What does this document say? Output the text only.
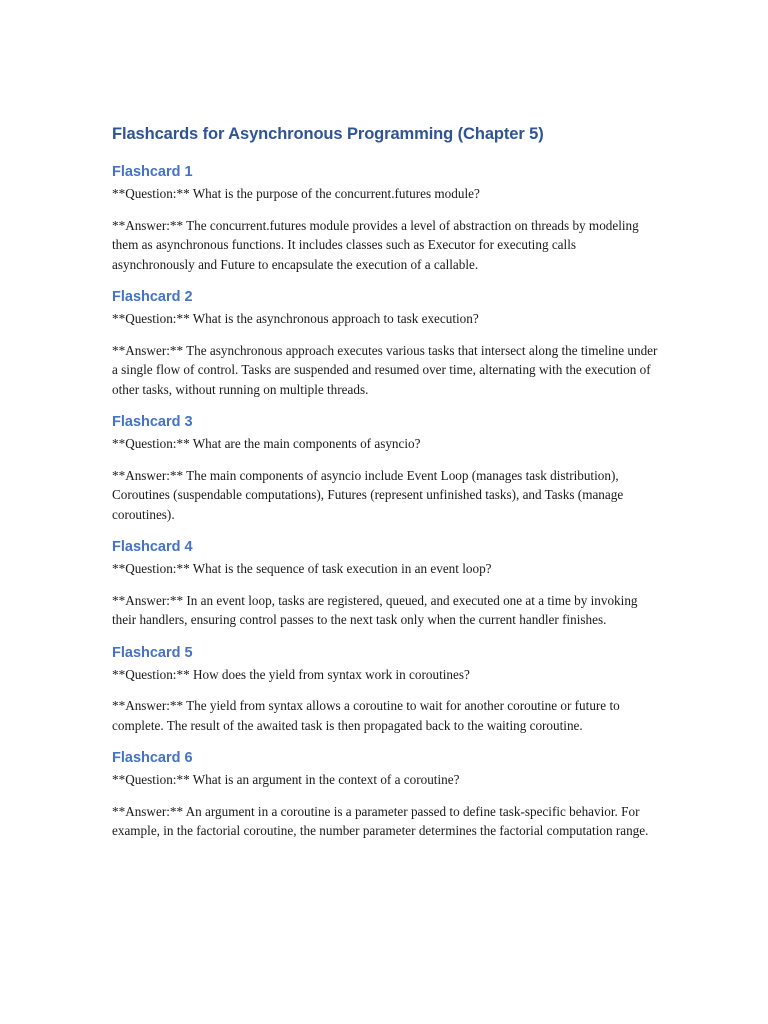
Flashcards for Asynchronous Programming (Chapter 5)
Flashcard 1

**Question:** What is the purpose of the concurrent.futures module?

**Answer:** The concurrent.futures module provides a level of abstraction on threads by modeling them as asynchronous functions. It includes classes such as Executor for executing calls asynchronously and Future to encapsulate the execution of a callable.

Flashcard 2

**Question:** What is the asynchronous approach to task execution?

**Answer:** The asynchronous approach executes various tasks that intersect along the timeline under a single flow of control. Tasks are suspended and resumed over time, alternating with the execution of other tasks, without running on multiple threads.

Flashcard 3

**Question:** What are the main components of asyncio?

**Answer:** The main components of asyncio include Event Loop (manages task distribution), Coroutines (suspendable computations), Futures (represent unfinished tasks), and Tasks (manage coroutines).

Flashcard 4

**Question:** What is the sequence of task execution in an event loop?

**Answer:** In an event loop, tasks are registered, queued, and executed one at a time by invoking their handlers, ensuring control passes to the next task only when the current handler finishes.

Flashcard 5

**Question:** How does the yield from syntax work in coroutines?

**Answer:** The yield from syntax allows a coroutine to wait for another coroutine or future to complete. The result of the awaited task is then propagated back to the waiting coroutine.

Flashcard 6

**Question:** What is an argument in the context of a coroutine?

**Answer:** An argument in a coroutine is a parameter passed to define task-specific behavior. For example, in the factorial coroutine, the number parameter determines the factorial computation range.
